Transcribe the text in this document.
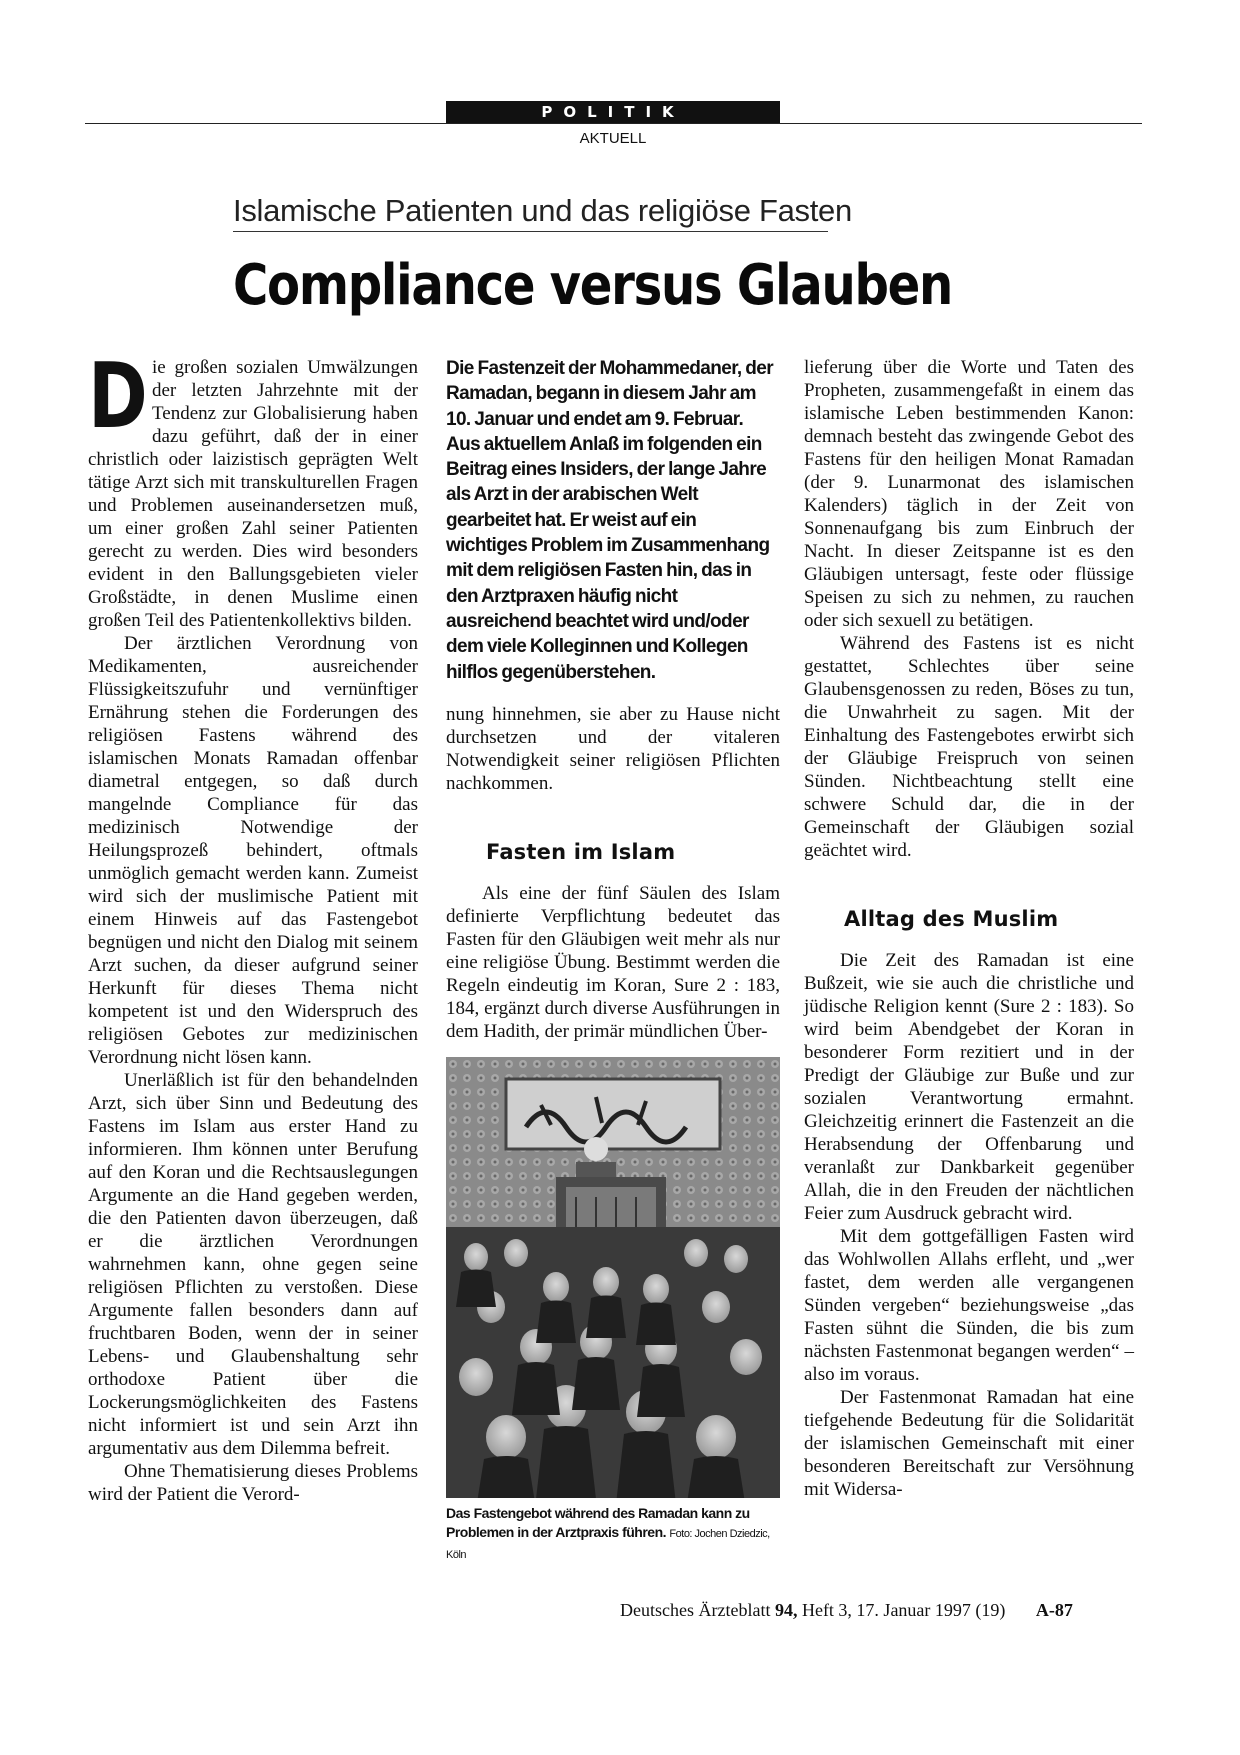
POLITIK
AKTUELL
Islamische Patienten und das religiöse Fasten
Compliance versus Glauben

Die großen sozialen Umwälzungen der letzten Jahrzehnte mit der Tendenz zur Globalisierung haben dazu geführt, daß der in einer christlich oder laizistisch geprägten Welt tätige Arzt sich mit transkulturellen Fragen und Problemen auseinandersetzen muß, um einer großen Zahl seiner Patienten gerecht zu werden. Dies wird besonders evident in den Ballungsgebieten vieler Großstädte, in denen Muslime einen großen Teil des Patientenkollektivs bilden.

Der ärztlichen Verordnung von Medikamenten, ausreichender Flüssigkeitszufuhr und vernünftiger Ernährung stehen die Forderungen des religiösen Fastens während des islamischen Monats Ramadan offenbar diametral entgegen, so daß durch mangelnde Compliance für das medizinisch Notwendige der Heilungsprozeß behindert, oftmals unmöglich gemacht werden kann. Zumeist wird sich der muslimische Patient mit einem Hinweis auf das Fastengebot begnügen und nicht den Dialog mit seinem Arzt suchen, da dieser aufgrund seiner Herkunft für dieses Thema nicht kompetent ist und den Widerspruch des religiösen Gebotes zur medizinischen Verordnung nicht lösen kann.

Unerläßlich ist für den behandelnden Arzt, sich über Sinn und Bedeutung des Fastens im Islam aus erster Hand zu informieren. Ihm können unter Berufung auf den Koran und die Rechtsauslegungen Argumente an die Hand gegeben werden, die den Patienten davon überzeugen, daß er die ärztlichen Verordnungen wahrnehmen kann, ohne gegen seine religiösen Pflichten zu verstoßen. Diese Argumente fallen besonders dann auf fruchtbaren Boden, wenn der in seiner Lebens- und Glaubenshaltung sehr orthodoxe Patient über die Lockerungsmöglichkeiten des Fastens nicht informiert ist und sein Arzt ihn argumentativ aus dem Dilemma befreit.

Ohne Thematisierung dieses Problems wird der Patient die Verord-

Die Fastenzeit der Mohammedaner, der Ramadan, begann in diesem Jahr am 10. Januar und endet am 9. Februar. Aus aktuellem Anlaß im folgenden ein Beitrag eines Insiders, der lange Jahre als Arzt in der arabischen Welt gearbeitet hat. Er weist auf ein wichtiges Problem im Zusammenhang mit dem religiösen Fasten hin, das in den Arztpraxen häufig nicht ausreichend beachtet wird und/oder dem viele Kolleginnen und Kollegen hilflos gegenüberstehen.

nung hinnehmen, sie aber zu Hause nicht durchsetzen und der vitaleren Notwendigkeit seiner religiösen Pflichten nachkommen.

Fasten im Islam

Als eine der fünf Säulen des Islam definierte Verpflichtung bedeutet das Fasten für den Gläubigen weit mehr als nur eine religiöse Übung. Bestimmt werden die Regeln eindeutig im Koran, Sure 2 : 183, 184, ergänzt durch diverse Ausführungen in dem Hadith, der primär mündlichen Über-

Das Fastengebot während des Ramadan kann zu Problemen in der Arztpraxis führen. Foto: Jochen Dziedzic, Köln

lieferung über die Worte und Taten des Propheten, zusammengefaßt in einem das islamische Leben bestimmenden Kanon: demnach besteht das zwingende Gebot des Fastens für den heiligen Monat Ramadan (der 9. Lunarmonat des islamischen Kalenders) täglich in der Zeit von Sonnenaufgang bis zum Einbruch der Nacht. In dieser Zeitspanne ist es den Gläubigen untersagt, feste oder flüssige Speisen zu sich zu nehmen, zu rauchen oder sich sexuell zu betätigen.

Während des Fastens ist es nicht gestattet, Schlechtes über seine Glaubensgenossen zu reden, Böses zu tun, die Unwahrheit zu sagen. Mit der Einhaltung des Fastengebotes erwirbt sich der Gläubige Freispruch von seinen Sünden. Nichtbeachtung stellt eine schwere Schuld dar, die in der Gemeinschaft der Gläubigen sozial geächtet wird.

Alltag des Muslim

Die Zeit des Ramadan ist eine Bußzeit, wie sie auch die christliche und jüdische Religion kennt (Sure 2 : 183). So wird beim Abendgebet der Koran in besonderer Form rezitiert und in der Predigt der Gläubige zur Buße und zur sozialen Verantwortung ermahnt. Gleichzeitig erinnert die Fastenzeit an die Herabsendung der Offenbarung und veranlaßt zur Dankbarkeit gegenüber Allah, die in den Freuden der nächtlichen Feier zum Ausdruck gebracht wird.

Mit dem gottgefälligen Fasten wird das Wohlwollen Allahs erfleht, und „wer fastet, dem werden alle vergangenen Sünden vergeben“ beziehungsweise „das Fasten sühnt die Sünden, die bis zum nächsten Fastenmonat begangen werden“ – also im voraus.

Der Fastenmonat Ramadan hat eine tiefgehende Bedeutung für die Solidarität der islamischen Gemeinschaft mit einer besonderen Bereitschaft zur Versöhnung mit Widersa-

Deutsches Ärzteblatt 94, Heft 3, 17. Januar 1997 (19) A-87
